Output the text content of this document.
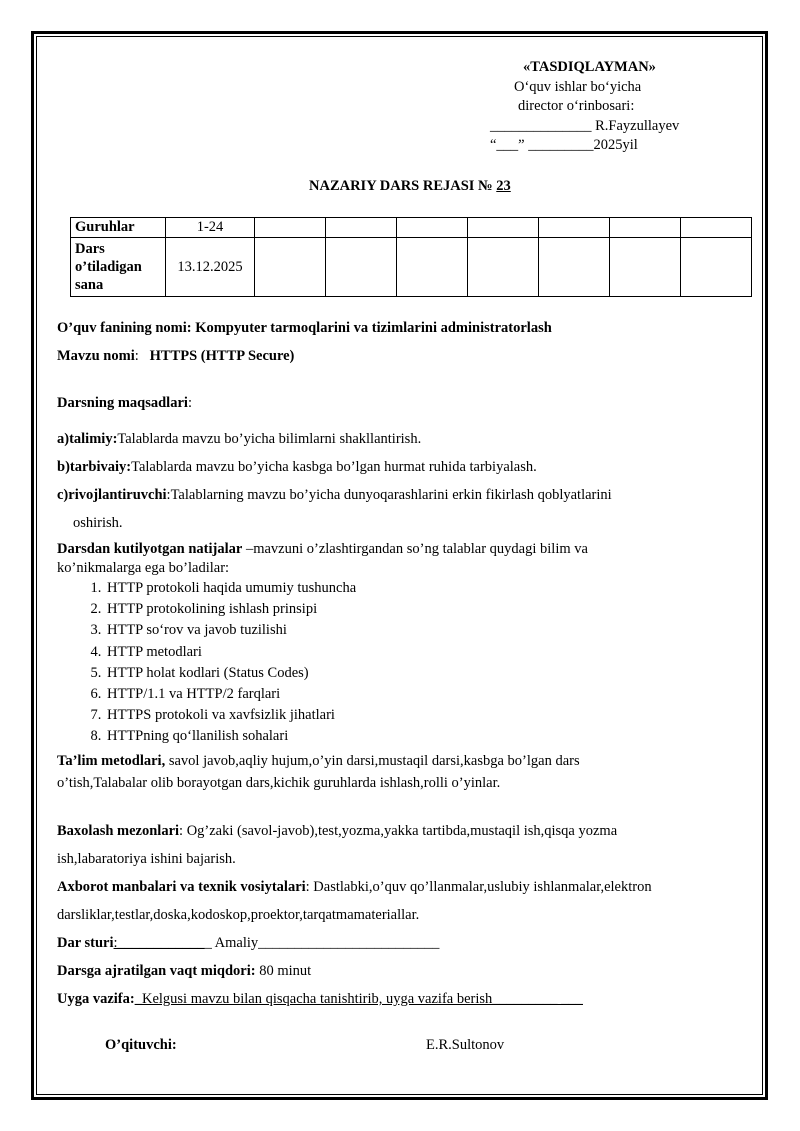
«TASDIQLAYMAN»
O‘quv ishlar bo‘yicha
director o‘rinbosari:
______________ R.Fayzullayev
“___” _________2025yil
NAZARIY DARS REJASI № 23
Guruhlar	1-24							
Dars o’tiladigan sana	13.12.2025							
O’quv fanining nomi: Kompyuter tarmoqlarini va tizimlarini administratorlash
Mavzu nomi:   HTTPS (HTTP Secure)
Darsning maqsadlari:
a)talimiy:Talablarda mavzu bo’yicha bilimlarni shakllantirish.
b)tarbivaiy:Talablarda mavzu bo’yicha kasbga bo’lgan hurmat ruhida tarbiyalash.
c)rivojlantiruvchi:Talablarning mavzu bo’yicha dunyoqarashlarini erkin fikirlash qoblyatlarini
oshirish.
Darsdan kutilyotgan natijalar –mavzuni o’zlashtirgandan so’ng talablar quydagi bilim va ko’nikmalarga ega bo’ladilar:
1. HTTP protokoli haqida umumiy tushuncha
2. HTTP protokolining ishlash prinsipi
3. HTTP so‘rov va javob tuzilishi
4. HTTP metodlari
5. HTTP holat kodlari (Status Codes)
6. HTTP/1.1 va HTTP/2 farqlari
7. HTTPS protokoli va xavfsizlik jihatlari
8. HTTPning qo‘llanilish sohalari
Ta’lim metodlari, savol javob,aqliy hujum,o’yin darsi,mustaqil darsi,kasbga bo’lgan dars o’tish,Talabalar olib borayotgan dars,kichik guruhlarda ishlash,rolli o’yinlar.
Baxolash mezonlari: Og’zaki (savol-javob),test,yozma,yakka tartibda,mustaqil ish,qisqa yozma
ish,labaratoriya ishini bajarish.
Axborot manbalari va texnik vosiytalari: Dastlabki,o’quv qo’llanmalar,uslubiy ishlanmalar,elektron
darsliklar,testlar,doska,kodoskop,proektor,tarqatmamateriallar.
Dar sturi:_____________ Amaliy_________________________
Darsga ajratilgan vaqt miqdori: 80 minut
Uyga vazifa:_Kelgusi mavzu bilan qisqacha tanishtirib, uyga vazifa berish_________ ___
O’qituvchi:	E.R.Sultonov
